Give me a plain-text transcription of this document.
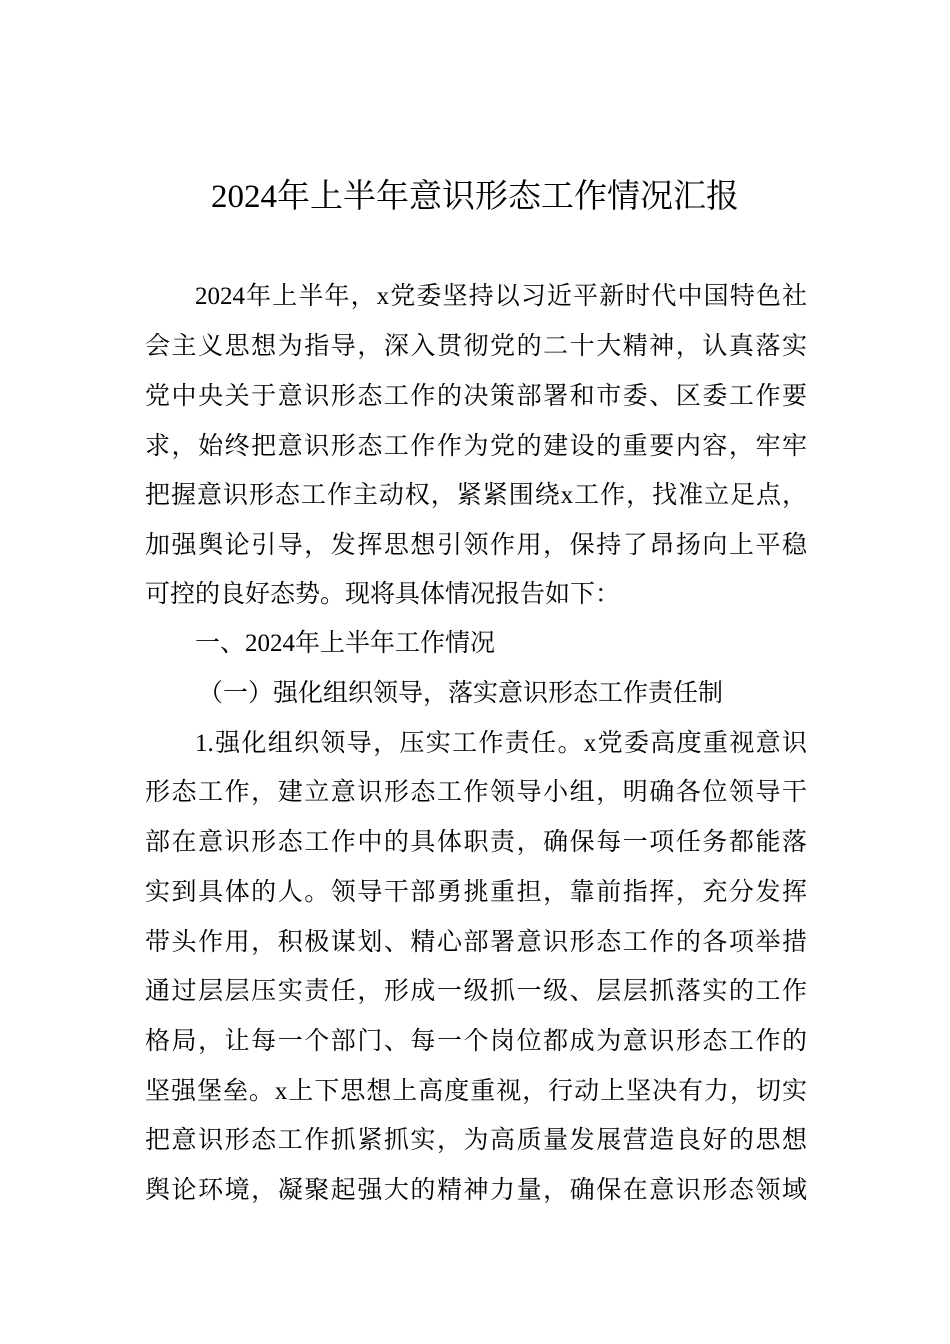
2024年上半年意识形态工作情况汇报
2024年上半年，x党委坚持以习近平新时代中国特色社
会主义思想为指导，深入贯彻党的二十大精神，认真落实
党中央关于意识形态工作的决策部署和市委、区委工作要
求，始终把意识形态工作作为党的建设的重要内容，牢牢
把握意识形态工作主动权，紧紧围绕x工作，找准立足点，
加强舆论引导，发挥思想引领作用，保持了昂扬向上平稳
可控的良好态势。现将具体情况报告如下：
一、2024年上半年工作情况
（一）强化组织领导，落实意识形态工作责任制
1.强化组织领导，压实工作责任。x党委高度重视意识
形态工作，建立意识形态工作领导小组，明确各位领导干
部在意识形态工作中的具体职责，确保每一项任务都能落
实到具体的人。领导干部勇挑重担，靠前指挥，充分发挥
带头作用，积极谋划、精心部署意识形态工作的各项举措
通过层层压实责任，形成一级抓一级、层层抓落实的工作
格局，让每一个部门、每一个岗位都成为意识形态工作的
坚强堡垒。x上下思想上高度重视，行动上坚决有力，切实
把意识形态工作抓紧抓实，为高质量发展营造良好的思想
舆论环境，凝聚起强大的精神力量，确保在意识形态领域
